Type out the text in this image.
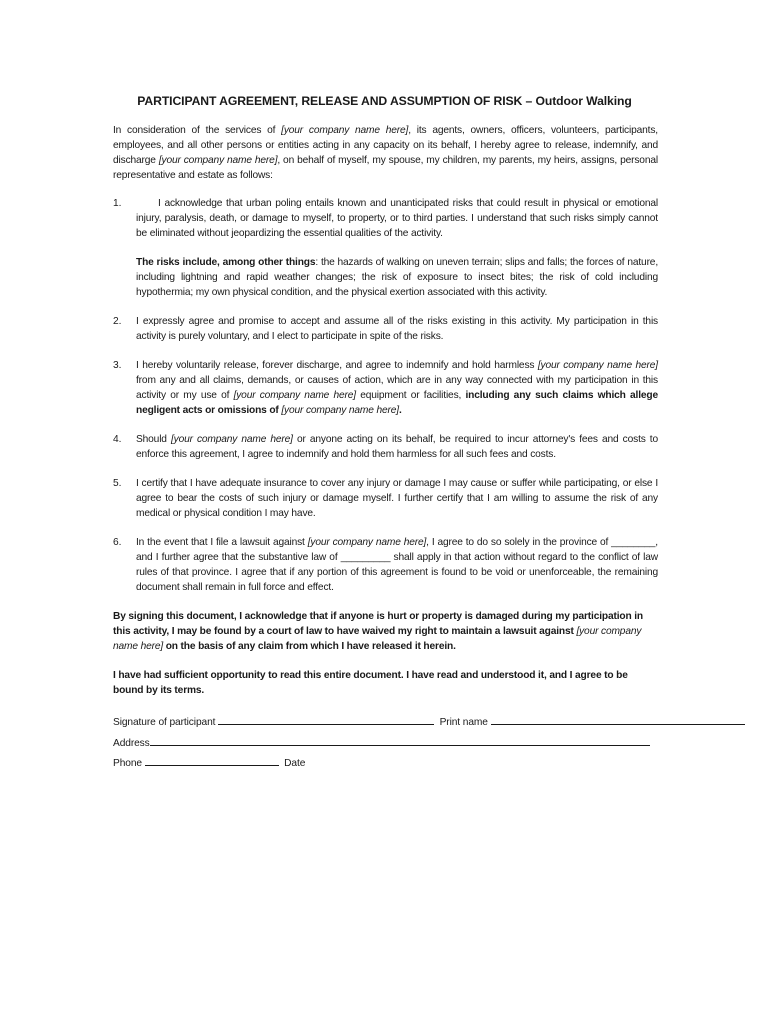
PARTICIPANT AGREEMENT, RELEASE AND ASSUMPTION OF RISK – Outdoor Walking
In consideration of the services of [your company name here], its agents, owners, officers, volunteers, participants, employees, and all other persons or entities acting in any capacity on its behalf, I hereby agree to release, indemnify, and discharge [your company name here], on behalf of myself, my spouse, my children, my parents, my heirs, assigns, personal representative and estate as follows:
1.	I acknowledge that urban poling entails known and unanticipated risks that could result in physical or emotional injury, paralysis, death, or damage to myself, to property, or to third parties. I understand that such risks simply cannot be eliminated without jeopardizing the essential qualities of the activity.
The risks include, among other things: the hazards of walking on uneven terrain; slips and falls; the forces of nature, including lightning and rapid weather changes; the risk of exposure to insect bites; the risk of cold including hypothermia; my own physical condition, and the physical exertion associated with this activity.
2.	I expressly agree and promise to accept and assume all of the risks existing in this activity. My participation in this activity is purely voluntary, and I elect to participate in spite of the risks.
3.	I hereby voluntarily release, forever discharge, and agree to indemnify and hold harmless [your company name here] from any and all claims, demands, or causes of action, which are in any way connected with my participation in this activity or my use of [your company name here] equipment or facilities, including any such claims which allege negligent acts or omissions of [your company name here].
4.	Should [your company name here] or anyone acting on its behalf, be required to incur attorney's fees and costs to enforce this agreement, I agree to indemnify and hold them harmless for all such fees and costs.
5.	I certify that I have adequate insurance to cover any injury or damage I may cause or suffer while participating, or else I agree to bear the costs of such injury or damage myself. I further certify that I am willing to assume the risk of any medical or physical condition I may have.
6.	In the event that I file a lawsuit against [your company name here], I agree to do so solely in the province of ________, and I further agree that the substantive law of _________ shall apply in that action without regard to the conflict of law rules of that province. I agree that if any portion of this agreement is found to be void or unenforceable, the remaining document shall remain in full force and effect.
By signing this document, I acknowledge that if anyone is hurt or property is damaged during my participation in this activity, I may be found by a court of law to have waived my right to maintain a lawsuit against [your company name here] on the basis of any claim from which I have released it herein.
I have had sufficient opportunity to read this entire document. I have read and understood it, and I agree to be bound by its terms.
Signature of participant	Print name
Address
Phone	Date
